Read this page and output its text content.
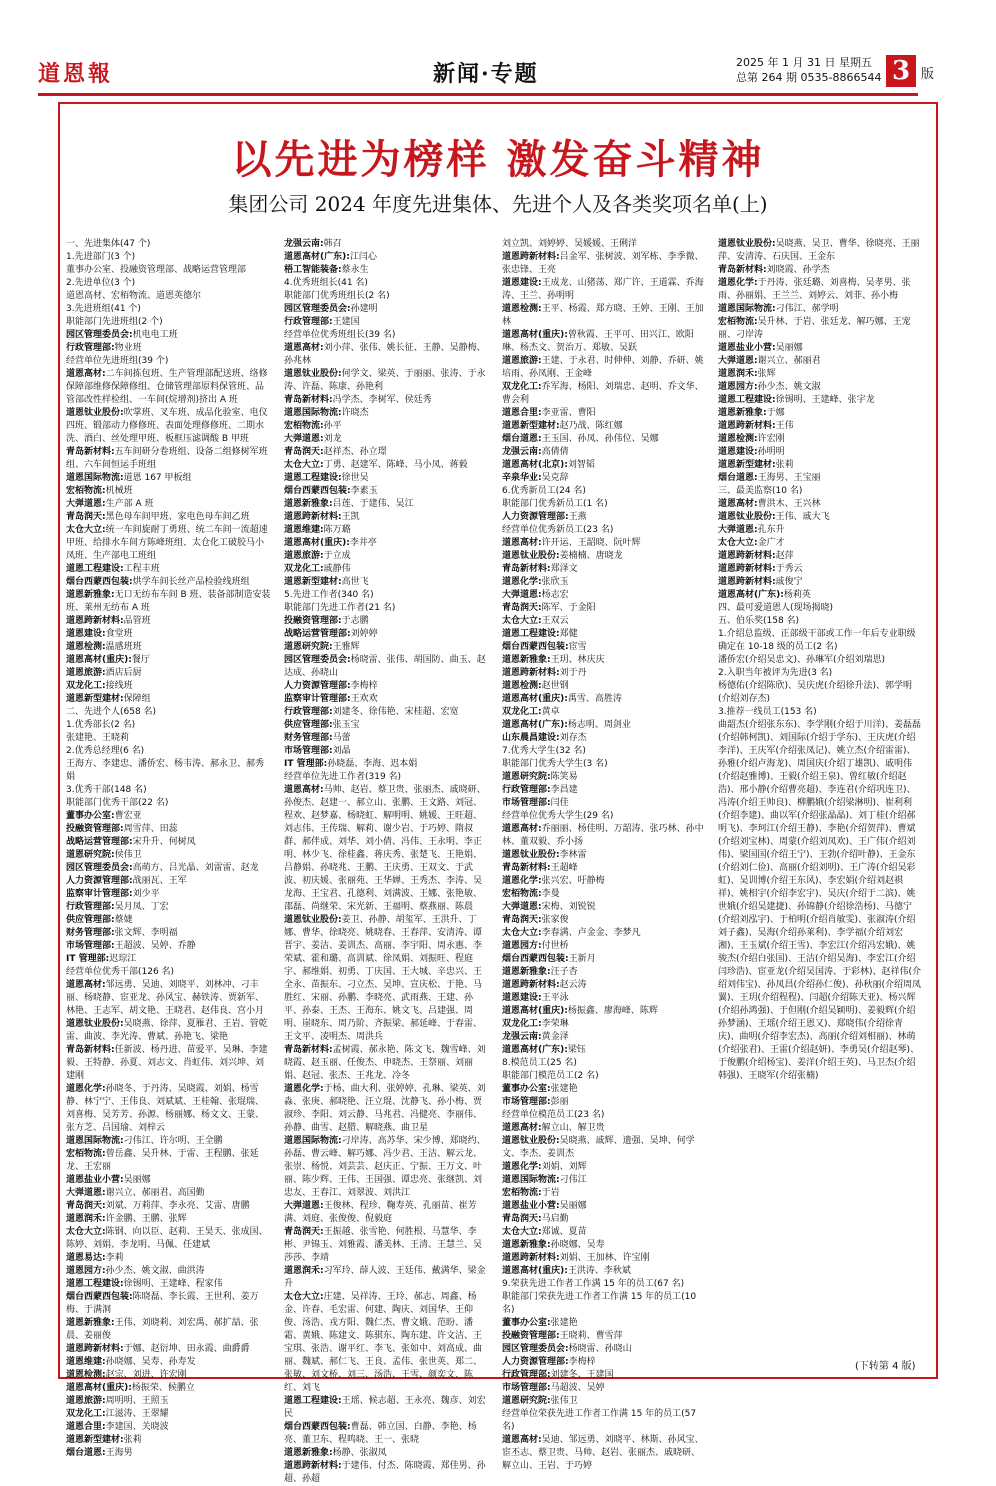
道恩報	新闻·专题	2025 年 1 月 31 日 星期五
总第 264 期 0535-8866544 3 版
以先进为榜样 激发奋斗精神
集团公司 2024 年度先进集体、先进个人及各类奖项名单(上)

一、先进集体(47 个)

1.先进部门(3 个)

董事办公室、投融资管理部、战略运营管理部

2.先进单位(3 个)

道恩高材、宏栢物流、道恩英德尔

3.先进班组(41 个)

职能部门先进班组(2 个)

园区管理委员会:机电电工班

行政管理部:物业班

经营单位先进班组(39 个)

道恩高材:二车间拣包班、生产管理部配送班、络修保障部维修保障修组、仓储管理部原料保管班、品管部改性样检组、一车间(烷增剂)挤出 A 班

道恩钛业股份:吹掌班、叉车班、成品化验室、电仪四班、锻部动力修修班、表面处理修修班、二期水洗、酒白、丝处理甲班、板框压滤调酸 B 甲班

青岛新材料:五车间研分卷班组、设备二组修树军班组、六车间恒运手班组

道恩国际物流:道恩 167 甲板组

宏栢物流:机械班

大弹道恩:生产部 A 班

青岛润天:黑色母车间甲班、家电色母车间乙班

太仓大立:统一车间旋耐丁勇班、统二车间一流超速甲班、给排水车间方陈峰班组、太仓化工破胶马小凤班、生产部电工班组

道恩工程建设:工程丰班

烟台西蒙西包装:烘学车间长丝产品检验线班组

道恩新雅象:无口无纺布车间 B 班、装备部制造安装班、莱州无纺布 A 班

道恩跨新材料:品管班

道恩建设:食堂班

道恩检测:温感班班

道恩高材(重庆):餐厅

道恩旅游:酒店后厨

双龙化工:接线班

道恩新型建材:保障组

二、先进个人(658 名)

1.优秀部长(2 名)

张建艳、王晓莉

2.优秀总经理(6 名)

王海方、李建忠、潘侨宏、杨韦涛、郝永卫、郝秀娟

3.优秀干部(148 名)

职能部门优秀干部(22 名)

董事办公室:曹宏亚

投融资管理部:周雪萍、田蕊

战略运营管理部:宋升升、何树凤

道恩研究院:侯伟卫

园区管理委员会:高萌方、吕光晶、刘雷雷、赵龙

人力资源管理部:战丽瓦、王军

监察审计管理部:刘少平

行政管理部:吴月凤、丁宏

供应管理部:蔡婕

财务管理部:张文辉、李明福

市场管理部:王超波、吴婷、乔静

IT 管理部:迟琮江

经营单位优秀干部(126 名)

道恩高材:邹远勇、吴迪、刘晓平、刘林冲、刁丰丽、杨晓静、宦亚龙、孙风宝、赫铁涛、贾新军、林艳、王志军、胡文艳、王晓君、赵伟良、宫小月

道恩钛业股份:吴晓燕、徐萍、夏雁君、王岩、管乾雷、曲波、李光涛、曹斌、孙艳飞、梁艳

青岛新材料:任新波、杨丹进、苗爱平、吴琳、李建毅、王特静、孙夏、刘志文、肖虹伟、刘兴坤、刘建刚

道恩化学:孙晓冬、于丹涛、吴晓霞、刘娟、杨雪静、林宁宁、王伟良、刘斌斌、王桂翰、张琨瑞、刘喜梅、吴芳芳、孙源、杨丽娜、杨文文、王蒙、张方芝、吕国瑜、刘梓云

道恩国际物流:刁伟江、许尔明、王全鹏

宏栢物流:曾岳鑫、吴升林、于雷、王程鹏、张延龙、王宏丽

道恩盐业小营:吴丽娜

大弹道恩:谢兴立、郝丽君、高国勤

青岛润天:刘斌、万莉萍、李永亮、艾雷、唐鹏

道恩润禾:许金鹏、王鹏、张辉

太仓大立:陈钢、向以臣、赵莉、王昊天、张成国、陈婷、刘娟、李龙明、马佩、任建斌

道恩易达:李莉

道恩园方:孙少杰、姚文淑、曲洪涛

道恩工程建设:徐锡明、王建峰、程家伟

烟台西蒙西包装:陈晓磊、李长霞、王世利、姜万梅、于满洞

道恩新雅象:王伟、刘晓莉、刘宏禹、郝扩喆、张晨、姜丽俊

道恩跨新材料:于娜、赵衍坤、田永霞、曲爵爵

道恩维建:孙晓娜、吴寿、孙寿发

道恩检测:赵宗、刘进、许宏刚

道恩高材(重庆):杨振荣、候鹏立

道恩旅游:周明明、王照玉

双龙化工:江滋涛、王翠耀

道恩合里:李建国、关晓波

道恩新型建材:张莉

烟台道恩:王海男

龙强云南:韩召

道恩高材(广东):江闫心

梧工智能装备:蔡永生

4.优秀班组长(41 名)

职能部门优秀班组长(2 名)

园区管理委员会:孙建明

行政管理部:王建国

经营单位优秀班组长(39 名)

道恩高材:刘小萍、张伟、姚长征、王静、吴静梅、孙兆林

道恩钛业股份:何学文、梁英、于丽丽、张涛、于永涛、许磊、陈康、孙艳利

青岛新材料:冯学杰、李树军、侯廷秀

道恩国际物流:许晓杰

宏栢物流:孙平

大弹道恩:刘龙

青岛润天:赵祥杰、孙立璟

太仓大立:丁勇、赵建军、陈峰、马小凤、蒋毅

道恩工程建设:徐世吴

烟台西蒙西包装:李素玉

道恩新雅象:吕莲、于建伟、吴江

道恩跨新材料:王凯

道恩维建:陈万璐

道恩高材(重庆):李井亭

道恩旅游:于立成

双龙化工:戚静伟

道恩新型建材:高世飞

5.先进工作者(340 名)

职能部门先进工作者(21 名)

投融资管理部:于志鹏

战略运营管理部:刘婷婷

道恩研究院:王雅辉

园区管理委员会:杨晓雷、张伟、胡国防、曲玉、赵达成、孙晓山

人力资源管理部:李梅梓

监察审计管理部:王欢欢

行政管理部:刘建冬、徐伟艳、宋桂超、宏宽

供应管理部:张玉宝

财务管理部:马蕾

市场管理部:刘晶

IT 管理部:孙晓磊、李海、迟本娟

经营单位先进工作者(319 名)

道恩高材:马帅、赵岩、蔡卫贵、张丽杰、戚晓研、孙俊杰、赵建一、郝立山、张鹏、王文路、刘冠、程欢、赵梦嘉、杨晓虹、解明明、姚媛、王旺超、刘志伟、王传瑞、解莉、谢少岩、于巧婷、隋叔群、郝伴成、刘华、刘小倩、冯伟、王永明、李正明、林少飞、徐桂鑫、蒋庆秀、张楚飞、王艳娟、吕静娟、孙晓兆、王鹏、王庆勇、王双文、于武波、初庆媛、张丽苑、王华婵、王秀杰、李涛、吴龙海、王宝君、孔德利、刘满波、王娜、张艳敏、邵磊、尚继荣、宋光新、王福明、蔡燕丽、陈晨

道恩钛业股份:姜卫、孙静、胡玺军、王洪升、丁娜、曹华、徐晓亮、姚晓春、王春萍、安清涛、谭晋宇、姜洁、姜训杰、高丽、李宇阳、周永惠、李荣斌、霍和璐、高训斌、徐凤娟、刘振旺、程庭宇、郝维娟、初勇、丁庆国、王大城、辛忠兴、王全永、苗振东、刁立杰、吴坤、宣庆松、于艳、马胜红、宋丽、孙鹏、李晓亮、武雨燕、王建、孙平、孙泰、王杰、王海东、姚文飞、吕建强、周明、崖晓东、周乃阶、齐振梁、郝延峰、于春雷、王文平、凌明杰、周洪兵

青岛新材料:孟树霞、郝永艳、陈文飞、魏雪峰、刘晓霞、赵玉丽、任俊杰、申晓杰、王祭丽、刘丽娟、赵冠、张杰、王兆龙、冷冬

道恩化学:于杨、曲大利、张婷婷、孔琳、梁英、刘淼、张庚、郝晓艳、汪立琨、沈静飞、孙小梅、贾淑珍、李阳、刘云静、马兆君、冯健亮、李丽伟、孙静、曲雪、赵腊、解晓燕、曲卫星

道恩国际物流:刁岸涛、高苏华、宋少博、郑晓约、孙磊、曹云峰、解巧娜、冯少君、王洁、解云龙、张崇、杨悦、刘芸芸、赵庆正、宁振、王万文、叶丽、陈少辉、王伟、王国强、谭忠亮、张继凯、刘忠友、王春江、刘翠波、刘洪江

大弹道恩:王俊林、程珍、鞠寿英、孔丽苗、崔芳满、刘庭、张俊俊、倪毅庭

青岛润天:王振越、张雪艳、何胜根、马慧华、李彬、尹锦玉、刘雅霞、潘美林、王清、王慧兰、吴莎莎、李靖

道恩润禾:习军玲、薛人波、王廷伟、戴满华、梁金升

太仓大立:庄建、吴祥涛、王玲、郝志、周鑫、杨金、许春、毛宏雷、何建、陶庆、刘国华、王仰俊、汤浩、戎方阳、魏仁杰、曹文娥、范盼、潘霜、黄娥、陈建文、陈骐东、陶东建、许文洁、王宝琪、张浩、谢平红、李飞、张如中、刘高成、曲丽、魏斌、郝仁飞、王良、孟伟、张世英、郑二、张敏、刘文桥、刘三、汤浩、王雪、颜奕文、陈红、刘飞

道恩工程建设:王瑶、候志超、王永亮、魏彦、刘宏民

烟台西蒙西包装:曹磊、韩立国、白静、李艳、杨亮、董卫东、程鸣晓、王一、张晓

道恩新雅象:杨静、张淑凤

道恩跨新材料:于建伟、付杰、陈晓霞、郑佳男、孙超、孙超

刘立凯、刘婷婷、吴媛媛、王俐洋

道恩跨新材料:吕金军、张树波、刘军栋、李季微、张忠锋、王亮

道恩建设:王成龙、山猪荡、郑广许、王道霖、乔海涛、王兰、孙明明

道恩检测:王平、杨霞、郑方晓、王婷、王刚、王加林

道恩高材(重庆):曾秋霞、王平可、田兴江、欧阳琳、杨杰文、贺治万、郑敏、吴跃

道恩旅游:王建、于永君、时伸伸、刘静、乔研、姚培雨、孙凤刚、王金峰

双龙化工:乔军海、杨阳、刘瑞忠、赵明、乔文华、曹会利

道恩合里:李亚雷、曹阳

道恩新型建材:赵乃战、陈红娜

烟台道恩:王玉国、孙凤、孙伟位、吴娜

龙强云南:高倩倩

道恩高材(北京):刘智韬

辛泉华业:吴克辞

6.优秀新员工(24 名)

职能部门优秀新员工(1 名)

人力资源管理部:王燕

经营单位优秀新员工(23 名)

道恩高材:许开运、王韶晓、阮叶辉

道恩钛业股份:姜楠楠、唐晓龙

青岛新材料:郑泽文

道恩化学:张欣玉

大弹道恩:杨志宏

青岛润天:陈军、于金阳

太仓大立:王双云

道恩工程建设:郑健

烟台西蒙西包装:宦雪

道恩新雅象:王玥、林庆庆

道恩跨新材料:刘于丹

道恩检测:赵世钢

道恩高材(重庆):禹雪、高胜涛

双龙化工:黄卓

道恩高材(广东):杨志明、周剑业

山东晨昌建设:刘存杰

7.优秀大学生(32 名)

职能部门优秀大学生(3 名)

道恩研究院:陈笑易

行政管理部:李昌建

市场管理部:闫佳

经营单位优秀大学生(29 名)

道恩高材:乔丽丽、杨佳明、万韶涛、张巧林、孙中林、董双毅、乔小扬

道恩钛业股份:李林雷

青岛新材料:王超峰

道恩化学:张兴宏、吁静梅

宏栢物流:李曼

大弹道恩:宋梅、刘锐锐

青岛润天:张家俊

太仓大立:李春满、卢金金、李梦凡

道恩园方:付世桥

烟台西蒙西包装:王新月

道恩新雅象:汪子杏

道恩跨新材料:赵云涛

道恩建设:王平泳

道恩高材(重庆):杨振鑫、廖海峰、陈辉

双龙化工:李荣琳

龙强云南:黄金泽

道恩高材(广东):梁钰

8.模范员工(25 名)

职能部门模范员工(2 名)

董事办公室:张建艳

市场管理部:彭丽

经营单位模范员工(23 名)

道恩高材:解立山、解卫贵

道恩钛业股份:吴晓燕、戚辉、遗强、吴坤、何学文、李杰、姜训杰

道恩化学:刘娟、刘辉

道恩国际物流:刁伟江

宏栢物流:于岩

道恩盐业小营:吴丽娜

青岛润天:马启勤

太仓大立:郑诚、夏苗

道恩新雅象:孙晓娜、吴寿

道恩跨新材料:刘娟、王加林、许宝刚

道恩高材(重庆):王洪涛、李秋斌

9.荣获先进工作者工作满 15 年的员工(67 名)

职能部门荣获先进工作者工作满 15 年的员工(10 名)

董事办公室:张建艳

投融资管理部:王晓莉、曹雪萍

园区管理委员会:杨晓雷、孙晓山

人力资源管理部:李梅梓

行政管理部:刘建冬、王建国

市场管理部:马超波、吴婷

道恩研究院:张伟卫

经营单位荣获先进工作者工作满 15 年的员工(57 名)

道恩高材:吴迪、邹远勇、刘晓平、林斯、孙风宝、宦丕志、蔡卫贵、马帅、赵岩、张丽杰、戚晓研、解立山、王岩、于巧婷

道恩钛业股份:吴晓燕、吴卫、曹华、徐晓亮、王丽萍、安清涛、石庆国、王金东

青岛新材料:刘晓霞、孙学杰

道恩化学:于丹涛、张廷璐、刘喜梅、吴孝男、张雨、孙丽娟、王兰兰、刘婷云、刘菲、孙小梅

道恩国际物流:刁伟江、郝学明

宏栢物流:吴升林、于岩、张廷龙、解巧娜、王宠丽、刁岸涛

道恩盐业小营:吴丽娜

大弹道恩:谢兴立、郝丽君

道恩润禾:张辉

道恩园方:孙少杰、姚文淑

道恩工程建设:徐锡明、王建峰、张宇龙

道恩新雅象:于娜

道恩跨新材料:王伟

道恩检测:许宏刚

道恩建设:孙明明

道恩新型建材:张莉

烟台道恩:王海男、王宝丽

三、最美监察(10 名)

道恩高材:曹洪木、王兴林

道恩钛业股份:王伟、戚大飞

大弹道恩:孔东升

太仓大立:金广才

道恩跨新材料:赵萍

道恩跨新材料:于秀云

道恩跨新材料:戚俊宁

道恩高材(广东):杨莉英

四、最可爱道恩人(现场揭晓)

五、伯乐奖(158 名)

1.介绍总监级、正部级干部或工作一年后专业职级确定在 10-18 级的员工(2 名)

潘侨宏(介绍吴忠文)、孙琳军(介绍刘瑞思)

2.入职当年被评为先进(3 名)

杨德佑(介绍陈欣)、吴庆虎(介绍徐升法)、郭学明(介绍刘存杰)

3.推荐一线员工(153 名)

曲韶杰(介绍张东东)、李学刚(介绍于川洋)、姜磊磊(介绍韩柯凯)、刘国际(介绍于学东)、王庆虎(介绍李洋)、王庆军(介绍张凤记)、姚立杰(介绍雷雷)、孙雅(介绍卢海龙)、周国庆(介绍丁雄凯)、戚明伟(介绍赵雅博)、王毅(介绍王泉)、曾红敏(介绍赵浩)、邢小静(介绍曹亮超)、李连君(介绍巩连卫)、冯涛(介绍王帅良)、柳鹏娥(介绍梁淋明)、崔利利(介绍李建)、曲以军(介绍张晶晶)、刘丁桂(介绍郝明飞)、李珂江(介绍王静)、李艳(介绍贺萍)、曹斌(介绍刘宝林)、周蒙(介绍刘凤欢)、王广伟(介绍刘伟)、梁国国(介绍王宁)、王勃(介绍叶静)、王金东(介绍刘仁俭)、高丽(介绍刘明)、王广涛(介绍吴彩虹)、吴训博(介绍王东风)、李宏娟(介绍刘赵祺祥)、姚相宇(介绍李宏宇)、吴庆(介绍于二滨)、姚世娥(介绍吴建捷)、孙锦静(介绍徐浩杨)、马德宁(介绍刘泓宇)、于柏明(介绍肖敏雯)、张淑涛(介绍刘子鑫)、吴海(介绍孙莱利)、李学福(介绍刘宏湘)、王玉斌(介绍王雪)、李宏江(介绍冯宏娥)、姚骏杰(介绍白张国)、王洁(介绍吴海)、李宏江(介绍闫珍浩)、宦亚龙(介绍吴国涛、于彩林)、赵祥伟(介绍刘伟宝)、孙凤昌(介绍孙仁俊)、孙秋丽(介绍周凤翼)、王玥(介绍程程)、闫超(介绍陈天亚)、杨兴辉(介绍孙鸿强)、于但刚(介绍吴颖明)、姜毅辉(介绍孙梦涵)、王瑶(介绍王恩又)、郑晓伟(介绍徐青庆)、曲明(介绍李宏杰)、高丽(介绍刘相丽)、林萌(介绍张君)、王雷(介绍赵妍)、李勇吴(介绍赵琴)、于俊鹏(介绍杨宝)、姜洋(介绍王英)、马卫杰(介绍韩强)、王晓军(介绍张楠)

(下转第 4 版)
